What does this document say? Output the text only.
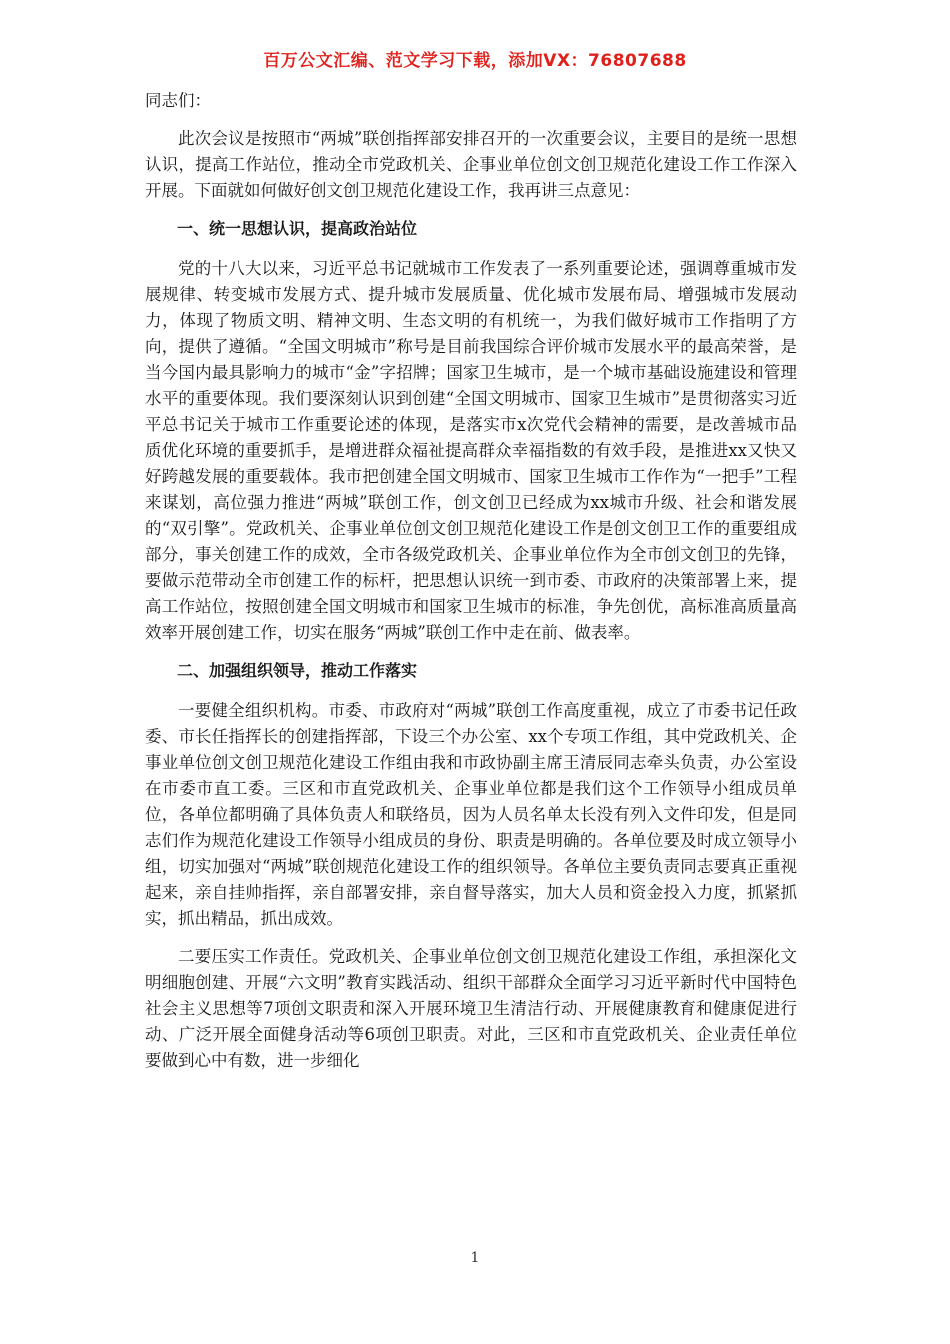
百万公文汇编、范文学习下载，添加VX：76807688

同志们：

此次会议是按照市“两城”联创指挥部安排召开的一次重要会议，主要目的是统一思想认识，提高工作站位，推动全市党政机关、企事业单位创文创卫规范化建设工作工作深入开展。下面就如何做好创文创卫规范化建设工作，我再讲三点意见：

一、统一思想认识，提高政治站位

党的十八大以来，习近平总书记就城市工作发表了一系列重要论述，强调尊重城市发展规律、转变城市发展方式、提升城市发展质量、优化城市发展布局、增强城市发展动力，体现了物质文明、精神文明、生态文明的有机统一，为我们做好城市工作指明了方向，提供了遵循。“全国文明城市”称号是目前我国综合评价城市发展水平的最高荣誉，是当今国内最具影响力的城市“金”字招牌；国家卫生城市，是一个城市基础设施建设和管理水平的重要体现。我们要深刻认识到创建“全国文明城市、国家卫生城市”是贯彻落实习近平总书记关于城市工作重要论述的体现，是落实市x次党代会精神的需要，是改善城市品质优化环境的重要抓手，是增进群众福祉提高群众幸福指数的有效手段，是推进xx又快又好跨越发展的重要载体。我市把创建全国文明城市、国家卫生城市工作作为“一把手”工程来谋划，高位强力推进“两城”联创工作，创文创卫已经成为xx城市升级、社会和谐发展的“双引擎”。党政机关、企事业单位创文创卫规范化建设工作是创文创卫工作的重要组成部分，事关创建工作的成效，全市各级党政机关、企事业单位作为全市创文创卫的先锋，要做示范带动全市创建工作的标杆，把思想认识统一到市委、市政府的决策部署上来，提高工作站位，按照创建全国文明城市和国家卫生城市的标准，争先创优，高标准高质量高效率开展创建工作，切实在服务“两城”联创工作中走在前、做表率。

二、加强组织领导，推动工作落实

一要健全组织机构。市委、市政府对“两城”联创工作高度重视，成立了市委书记任政委、市长任指挥长的创建指挥部，下设三个办公室、xx个专项工作组，其中党政机关、企事业单位创文创卫规范化建设工作组由我和市政协副主席王清辰同志牵头负责，办公室设在市委市直工委。三区和市直党政机关、企事业单位都是我们这个工作领导小组成员单位，各单位都明确了具体负责人和联络员，因为人员名单太长没有列入文件印发，但是同志们作为规范化建设工作领导小组成员的身份、职责是明确的。各单位要及时成立领导小组，切实加强对“两城”联创规范化建设工作的组织领导。各单位主要负责同志要真正重视起来，亲自挂帅指挥，亲自部署安排，亲自督导落实，加大人员和资金投入力度，抓紧抓实，抓出精品，抓出成效。

二要压实工作责任。党政机关、企事业单位创文创卫规范化建设工作组，承担深化文明细胞创建、开展“六文明”教育实践活动、组织干部群众全面学习习近平新时代中国特色社会主义思想等7项创文职责和深入开展环境卫生清洁行动、开展健康教育和健康促进行动、广泛开展全面健身活动等6项创卫职责。对此，三区和市直党政机关、企业责任单位要做到心中有数，进一步细化

1
